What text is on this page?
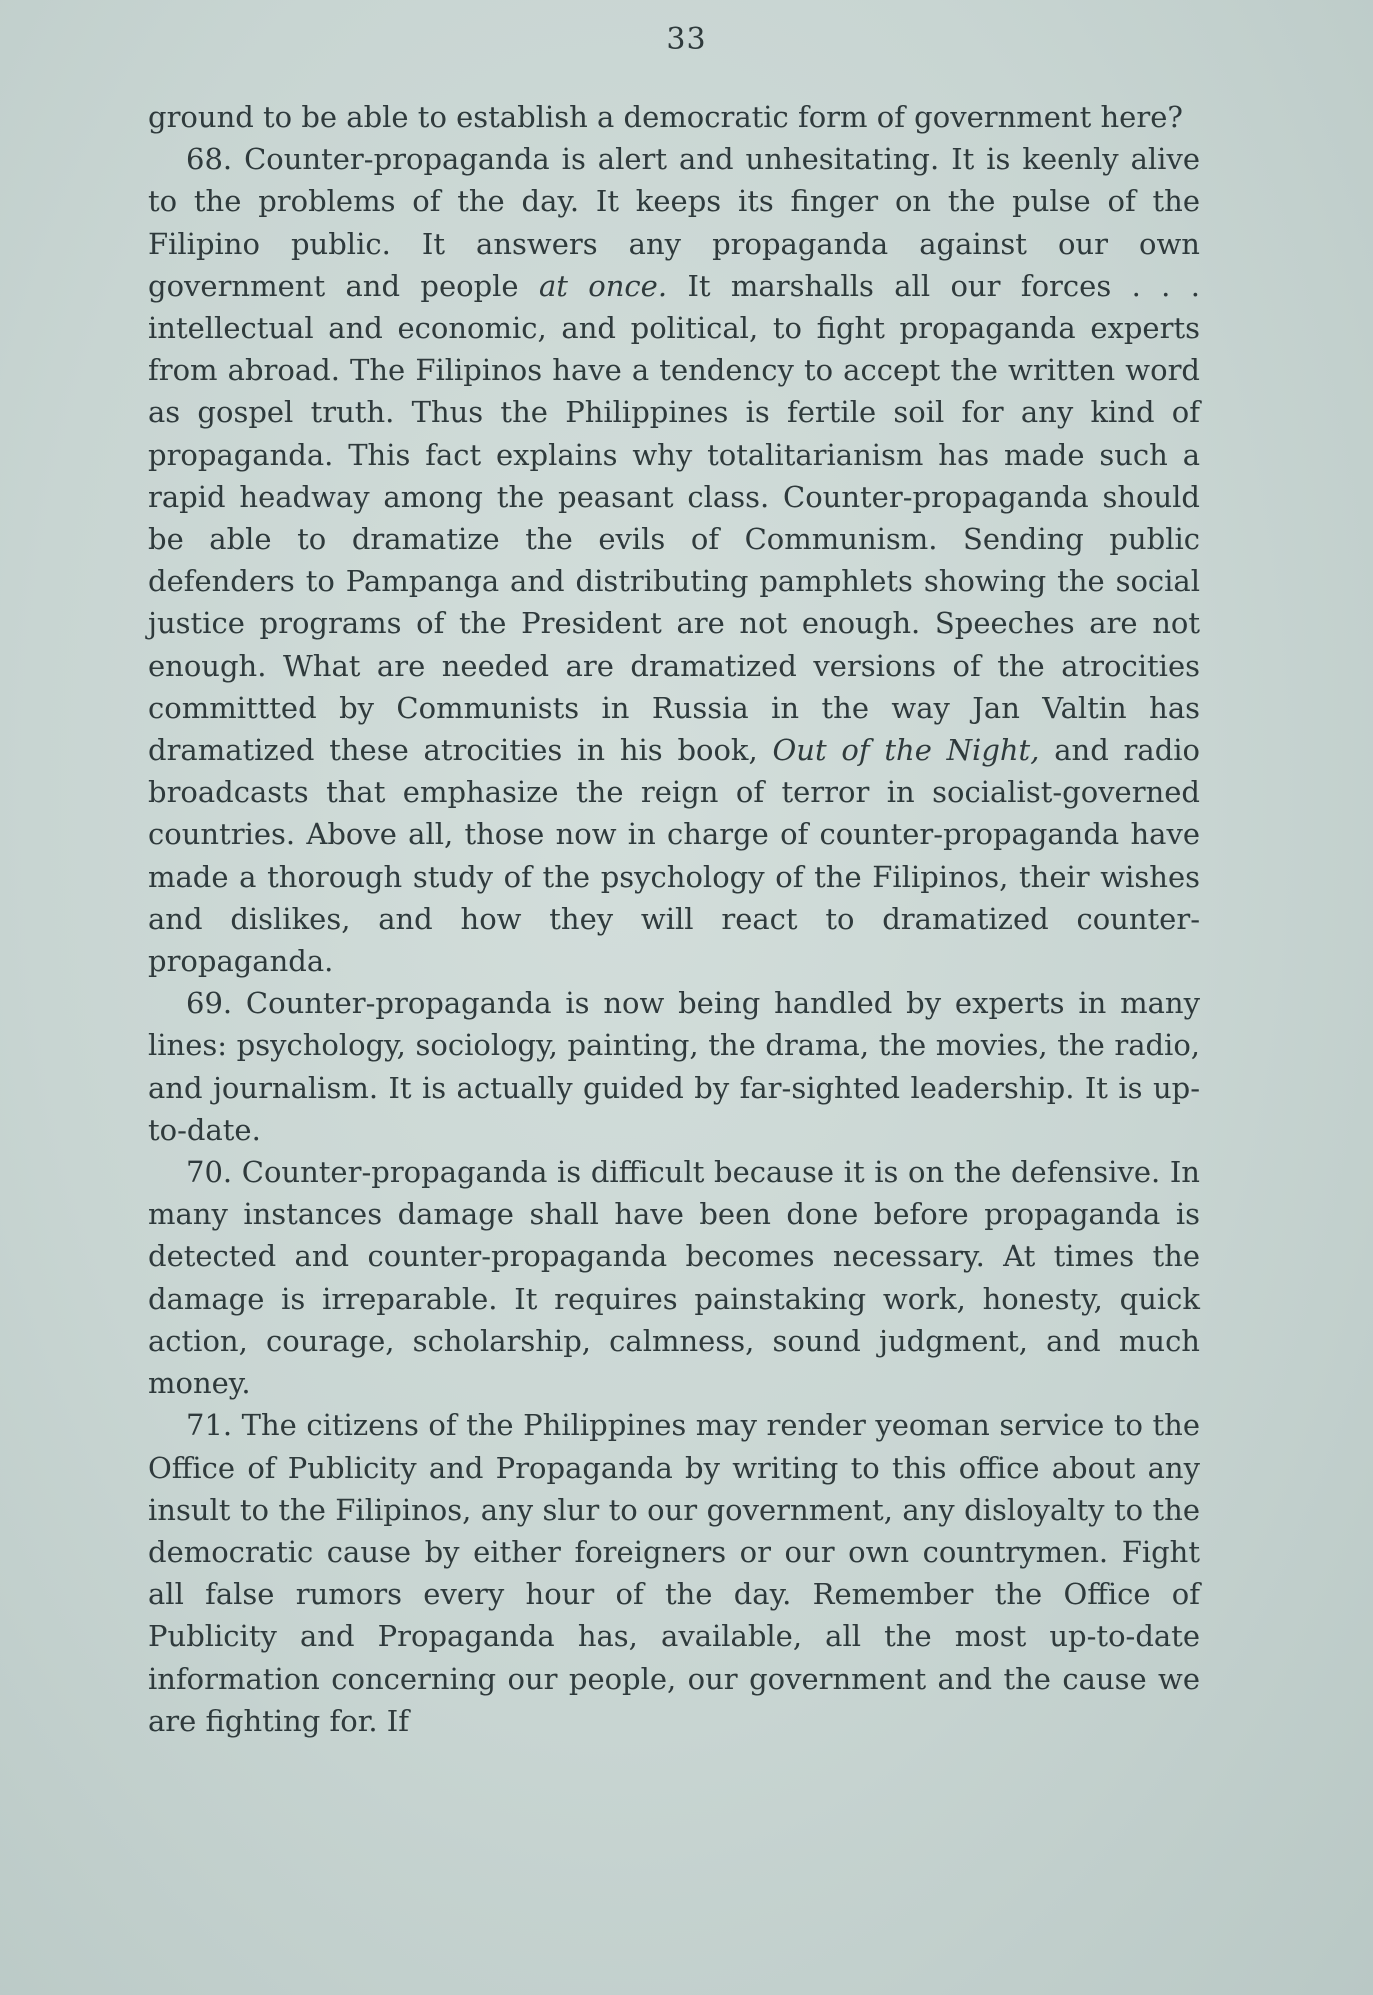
33

ground to be able to establish a democratic form of government here?

68. Counter-propaganda is alert and unhesitating. It is keenly alive to the problems of the day. It keeps its finger on the pulse of the Filipino public. It answers any propaganda against our own government and people at once. It marshalls all our forces . . . intellectual and economic, and political, to fight propaganda experts from abroad. The Filipinos have a tendency to accept the written word as gospel truth. Thus the Philippines is fertile soil for any kind of propaganda. This fact explains why totalitarianism has made such a rapid headway among the peasant class. Counter-propaganda should be able to dramatize the evils of Communism. Sending public defenders to Pampanga and distributing pamphlets showing the social justice programs of the President are not enough. Speeches are not enough. What are needed are dramatized versions of the atrocities committted by Communists in Russia in the way Jan Valtin has dramatized these atrocities in his book, Out of the Night, and radio broadcasts that emphasize the reign of terror in socialist-governed countries. Above all, those now in charge of counter-propaganda have made a thorough study of the psychology of the Filipinos, their wishes and dislikes, and how they will react to dramatized counter-propaganda.

69. Counter-propaganda is now being handled by experts in many lines: psychology, sociology, painting, the drama, the movies, the radio, and journalism. It is actually guided by far-sighted leadership. It is up-to-date.

70. Counter-propaganda is difficult because it is on the defensive. In many instances damage shall have been done before propaganda is detected and counter-propaganda becomes necessary. At times the damage is irreparable. It requires painstaking work, honesty, quick action, courage, scholarship, calmness, sound judgment, and much money.

71. The citizens of the Philippines may render yeoman service to the Office of Publicity and Propaganda by writing to this office about any insult to the Filipinos, any slur to our government, any disloyalty to the democratic cause by either foreigners or our own countrymen. Fight all false rumors every hour of the day. Remember the Office of Publicity and Propaganda has, available, all the most up-to-date information concerning our people, our government and the cause we are fighting for. If
